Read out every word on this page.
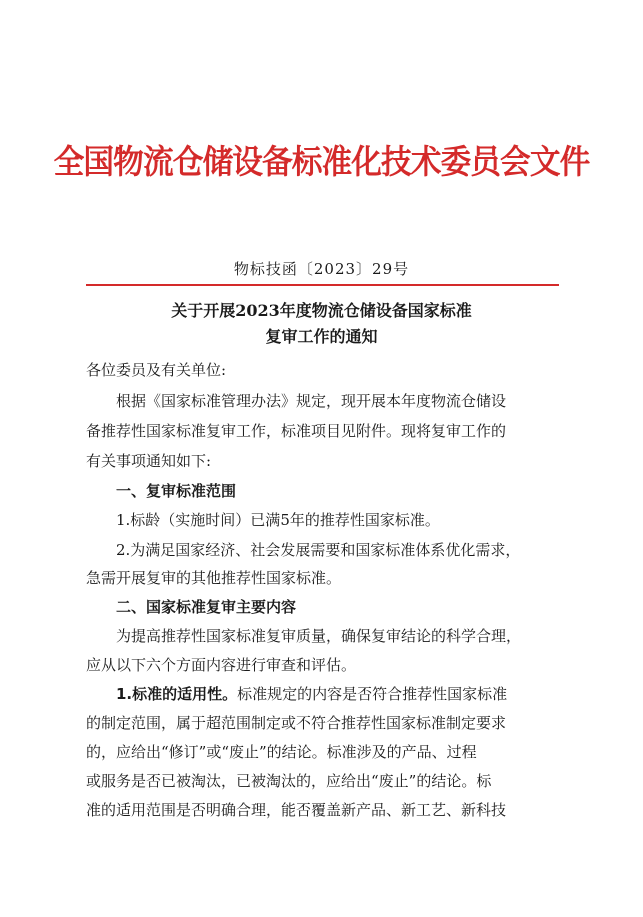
全国物流仓储设备标准化技术委员会文件
物标技函〔2023〕29号
关于开展2023年度物流仓储设备国家标准
复审工作的通知
各位委员及有关单位:
根据《国家标准管理办法》规定，现开展本年度物流仓储设
备推荐性国家标准复审工作，标准项目见附件。现将复审工作的
有关事项通知如下:
一、复审标准范围
1.标龄（实施时间）已满5年的推荐性国家标准。
2.为满足国家经济、社会发展需要和国家标准体系优化需求，
急需开展复审的其他推荐性国家标准。
二、国家标准复审主要内容
为提高推荐性国家标准复审质量，确保复审结论的科学合理，
应从以下六个方面内容进行审查和评估。
1.标准的适用性。标准规定的内容是否符合推荐性国家标准
的制定范围，属于超范围制定或不符合推荐性国家标准制定要求
的，应给出“修订”或“废止”的结论。标准涉及的产品、过程
或服务是否已被淘汰，已被淘汰的，应给出“废止”的结论。标
准的适用范围是否明确合理，能否覆盖新产品、新工艺、新科技
